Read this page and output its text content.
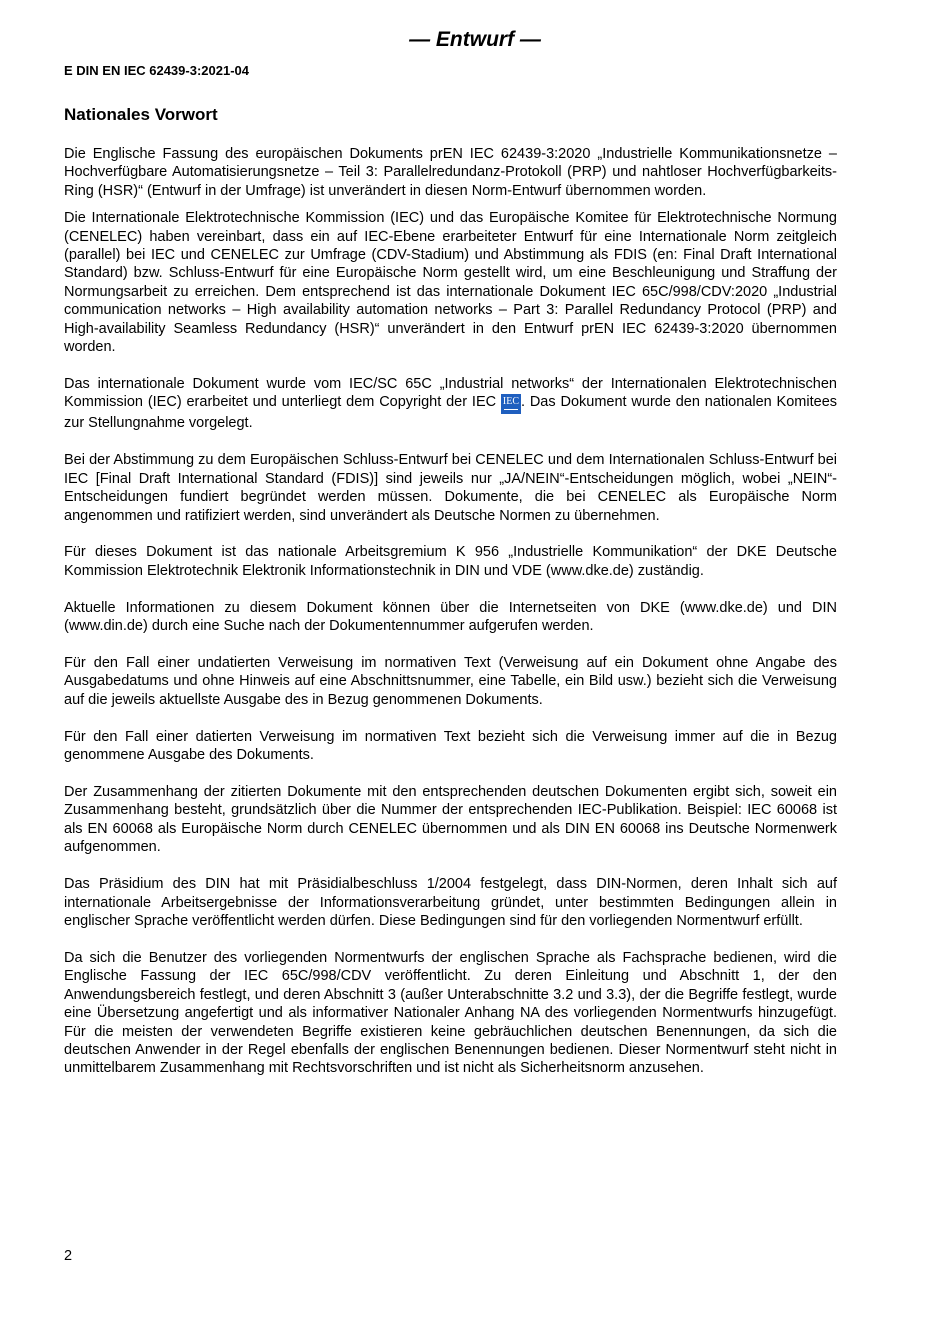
— Entwurf —
E DIN EN IEC 62439-3:2021-04
Nationales Vorwort

Die Englische Fassung des europäischen Dokuments prEN IEC 62439-3:2020 „Industrielle Kommunikationsnetze – Hochverfügbare Automatisierungsnetze – Teil 3: Parallelredundanz-Protokoll (PRP) und nahtloser Hochverfügbarkeits-Ring (HSR)“ (Entwurf in der Umfrage) ist unverändert in diesen Norm-Entwurf übernommen worden.

Die Internationale Elektrotechnische Kommission (IEC) und das Europäische Komitee für Elektrotechnische Normung (CENELEC) haben vereinbart, dass ein auf IEC-Ebene erarbeiteter Entwurf für eine Internationale Norm zeitgleich (parallel) bei IEC und CENELEC zur Umfrage (CDV-Stadium) und Abstimmung als FDIS (en: Final Draft International Standard) bzw. Schluss-Entwurf für eine Europäische Norm gestellt wird, um eine Beschleunigung und Straffung der Normungsarbeit zu erreichen. Dem entsprechend ist das internationale Dokument IEC 65C/998/CDV:2020 „Industrial communication networks – High availability automation networks – Part 3: Parallel Redundancy Protocol (PRP) and High-availability Seamless Redundancy (HSR)“ unverändert in den Entwurf prEN IEC 62439-3:2020 übernommen worden.

Das internationale Dokument wurde vom IEC/SC 65C „Industrial networks“ der Internationalen Elektrotechnischen Kommission (IEC) erarbeitet und unterliegt dem Copyright der IEC IEC . Das Dokument wurde den nationalen Komitees zur Stellungnahme vorgelegt.

Bei der Abstimmung zu dem Europäischen Schluss-Entwurf bei CENELEC und dem Internationalen Schluss-Entwurf bei IEC [Final Draft International Standard (FDIS)] sind jeweils nur „JA/NEIN“-Entscheidungen möglich, wobei „NEIN“-Entscheidungen fundiert begründet werden müssen. Dokumente, die bei CENELEC als Europäische Norm angenommen und ratifiziert werden, sind unverändert als Deutsche Normen zu übernehmen.

Für dieses Dokument ist das nationale Arbeitsgremium K 956 „Industrielle Kommunikation“ der DKE Deutsche Kommission Elektrotechnik Elektronik Informationstechnik in DIN und VDE (www.dke.de) zuständig.

Aktuelle Informationen zu diesem Dokument können über die Internetseiten von DKE (www.dke.de) und DIN (www.din.de) durch eine Suche nach der Dokumentennummer aufgerufen werden.

Für den Fall einer undatierten Verweisung im normativen Text (Verweisung auf ein Dokument ohne Angabe des Ausgabedatums und ohne Hinweis auf eine Abschnittsnummer, eine Tabelle, ein Bild usw.) bezieht sich die Verweisung auf die jeweils aktuellste Ausgabe des in Bezug genommenen Dokuments.

Für den Fall einer datierten Verweisung im normativen Text bezieht sich die Verweisung immer auf die in Bezug genommene Ausgabe des Dokuments.

Der Zusammenhang der zitierten Dokumente mit den entsprechenden deutschen Dokumenten ergibt sich, soweit ein Zusammenhang besteht, grundsätzlich über die Nummer der entsprechenden IEC-Publikation. Beispiel: IEC 60068 ist als EN 60068 als Europäische Norm durch CENELEC übernommen und als DIN EN 60068 ins Deutsche Normenwerk aufgenommen.

Das Präsidium des DIN hat mit Präsidialbeschluss 1/2004 festgelegt, dass DIN-Normen, deren Inhalt sich auf internationale Arbeitsergebnisse der Informationsverarbeitung gründet, unter bestimmten Bedingungen allein in englischer Sprache veröffentlicht werden dürfen. Diese Bedingungen sind für den vorliegenden Normentwurf erfüllt.

Da sich die Benutzer des vorliegenden Normentwurfs der englischen Sprache als Fachsprache bedienen, wird die Englische Fassung der IEC 65C/998/CDV veröffentlicht. Zu deren Einleitung und Abschnitt 1, der den Anwendungsbereich festlegt, und deren Abschnitt 3 (außer Unterabschnitte 3.2 und 3.3), der die Begriffe festlegt, wurde eine Übersetzung angefertigt und als informativer Nationaler Anhang NA des vorliegenden Normentwurfs hinzugefügt. Für die meisten der verwendeten Begriffe existieren keine gebräuchlichen deutschen Benennungen, da sich die deutschen Anwender in der Regel ebenfalls der englischen Benennungen bedienen. Dieser Normentwurf steht nicht in unmittelbarem Zusammenhang mit Rechtsvorschriften und ist nicht als Sicherheitsnorm anzusehen.

2
